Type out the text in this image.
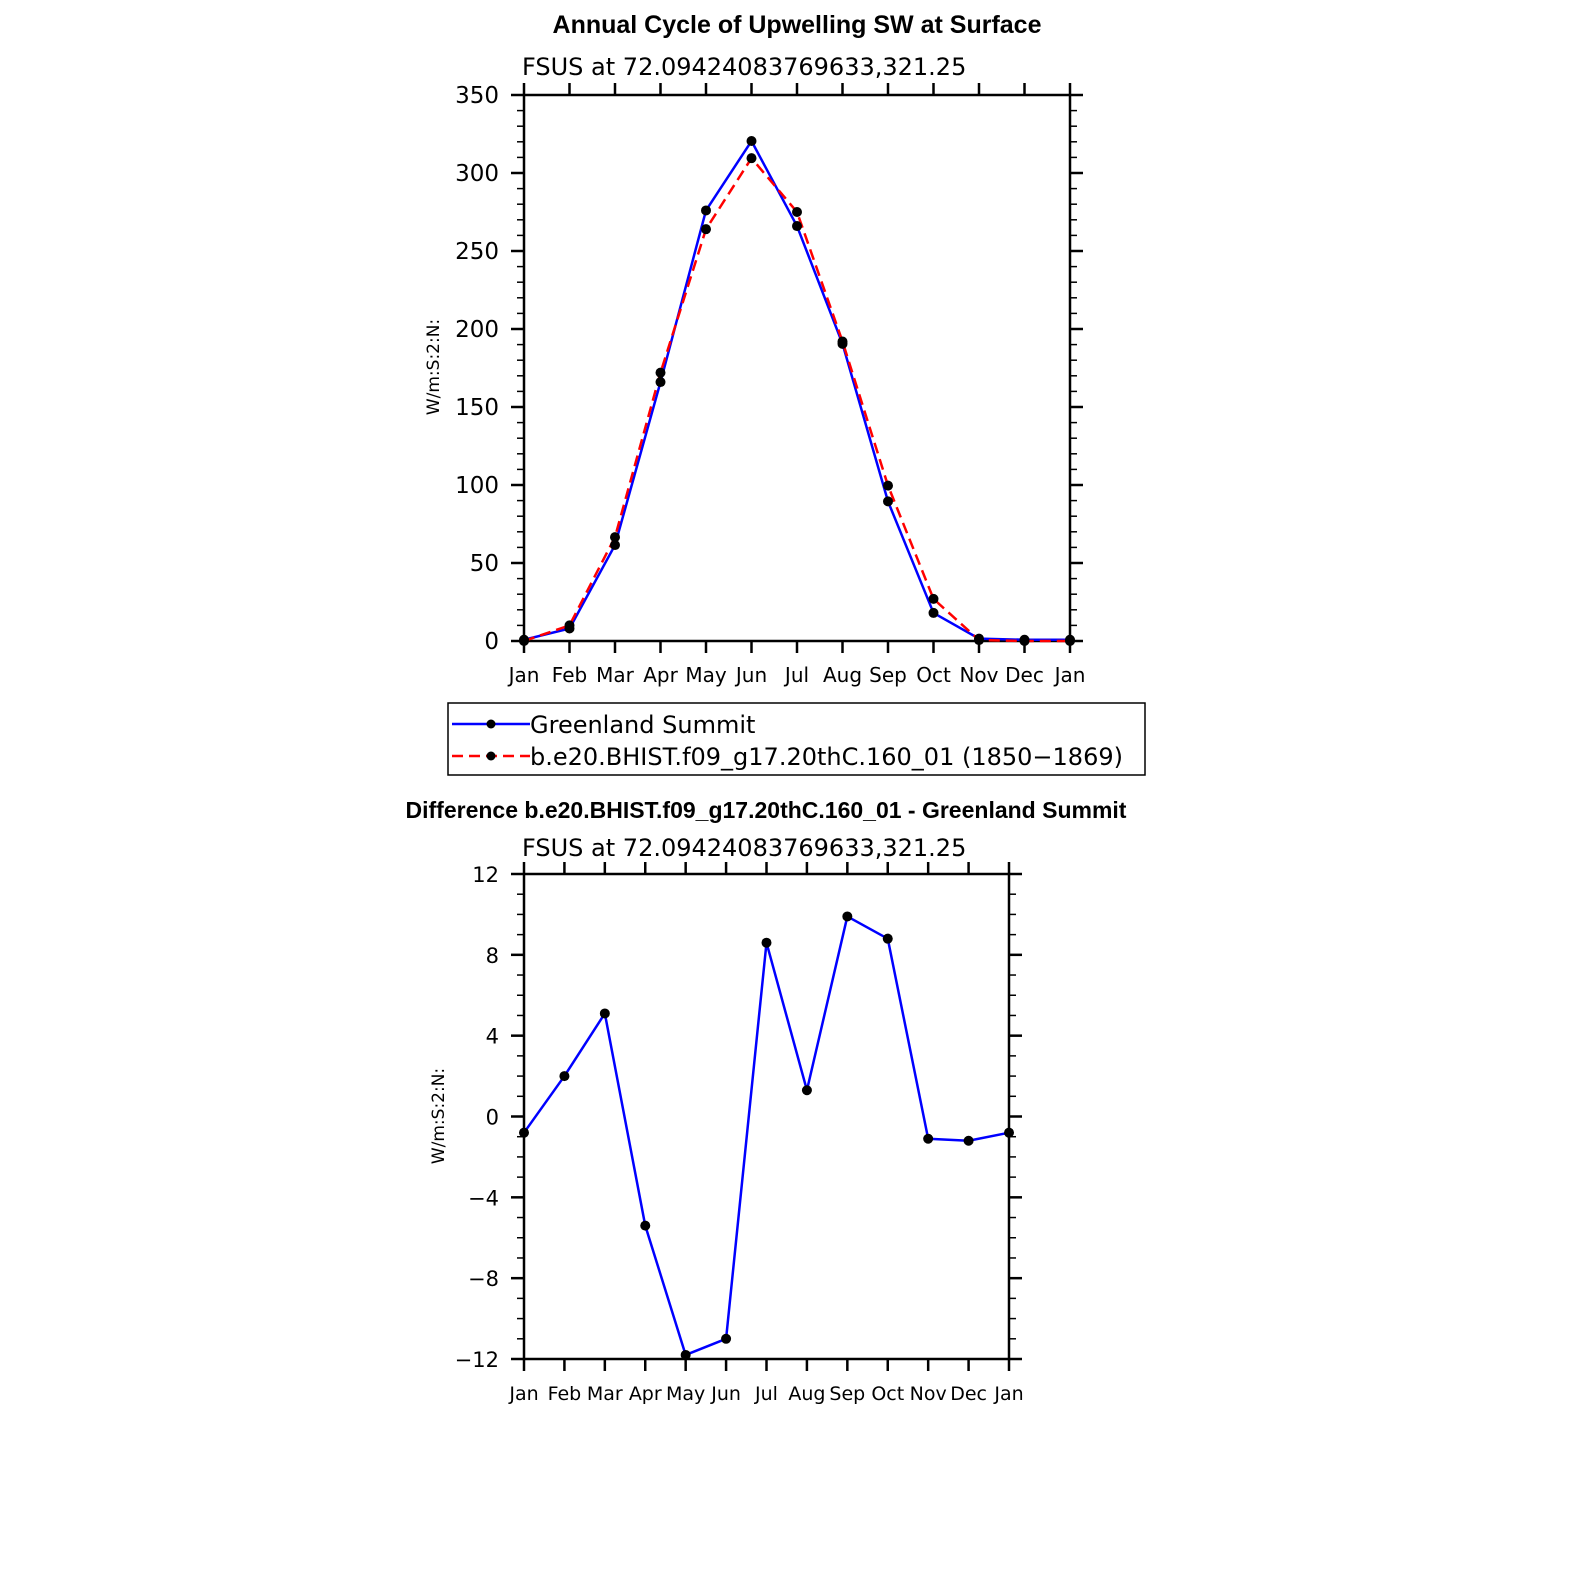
Annual Cycle of Upwelling SW at Surface
FSUS at 72.09424083769633,321.25
W/m:S:2:N:
Jan Feb Mar Apr May Jun Jul Aug Sep Oct Nov Dec Jan
0
50
100
150
200
250
300
350
Greenland Summit
b.e20.BHIST.f09_g17.20thC.160_01 (1850−1869)
Difference b.e20.BHIST.f09_g17.20thC.160_01 - Greenland Summit
FSUS at 72.09424083769633,321.25
W/m:S:2:N:
Jan Feb Mar Apr May Jun Jul Aug Sep Oct Nov Dec Jan
−12
−8
−4
0
4
8
12
